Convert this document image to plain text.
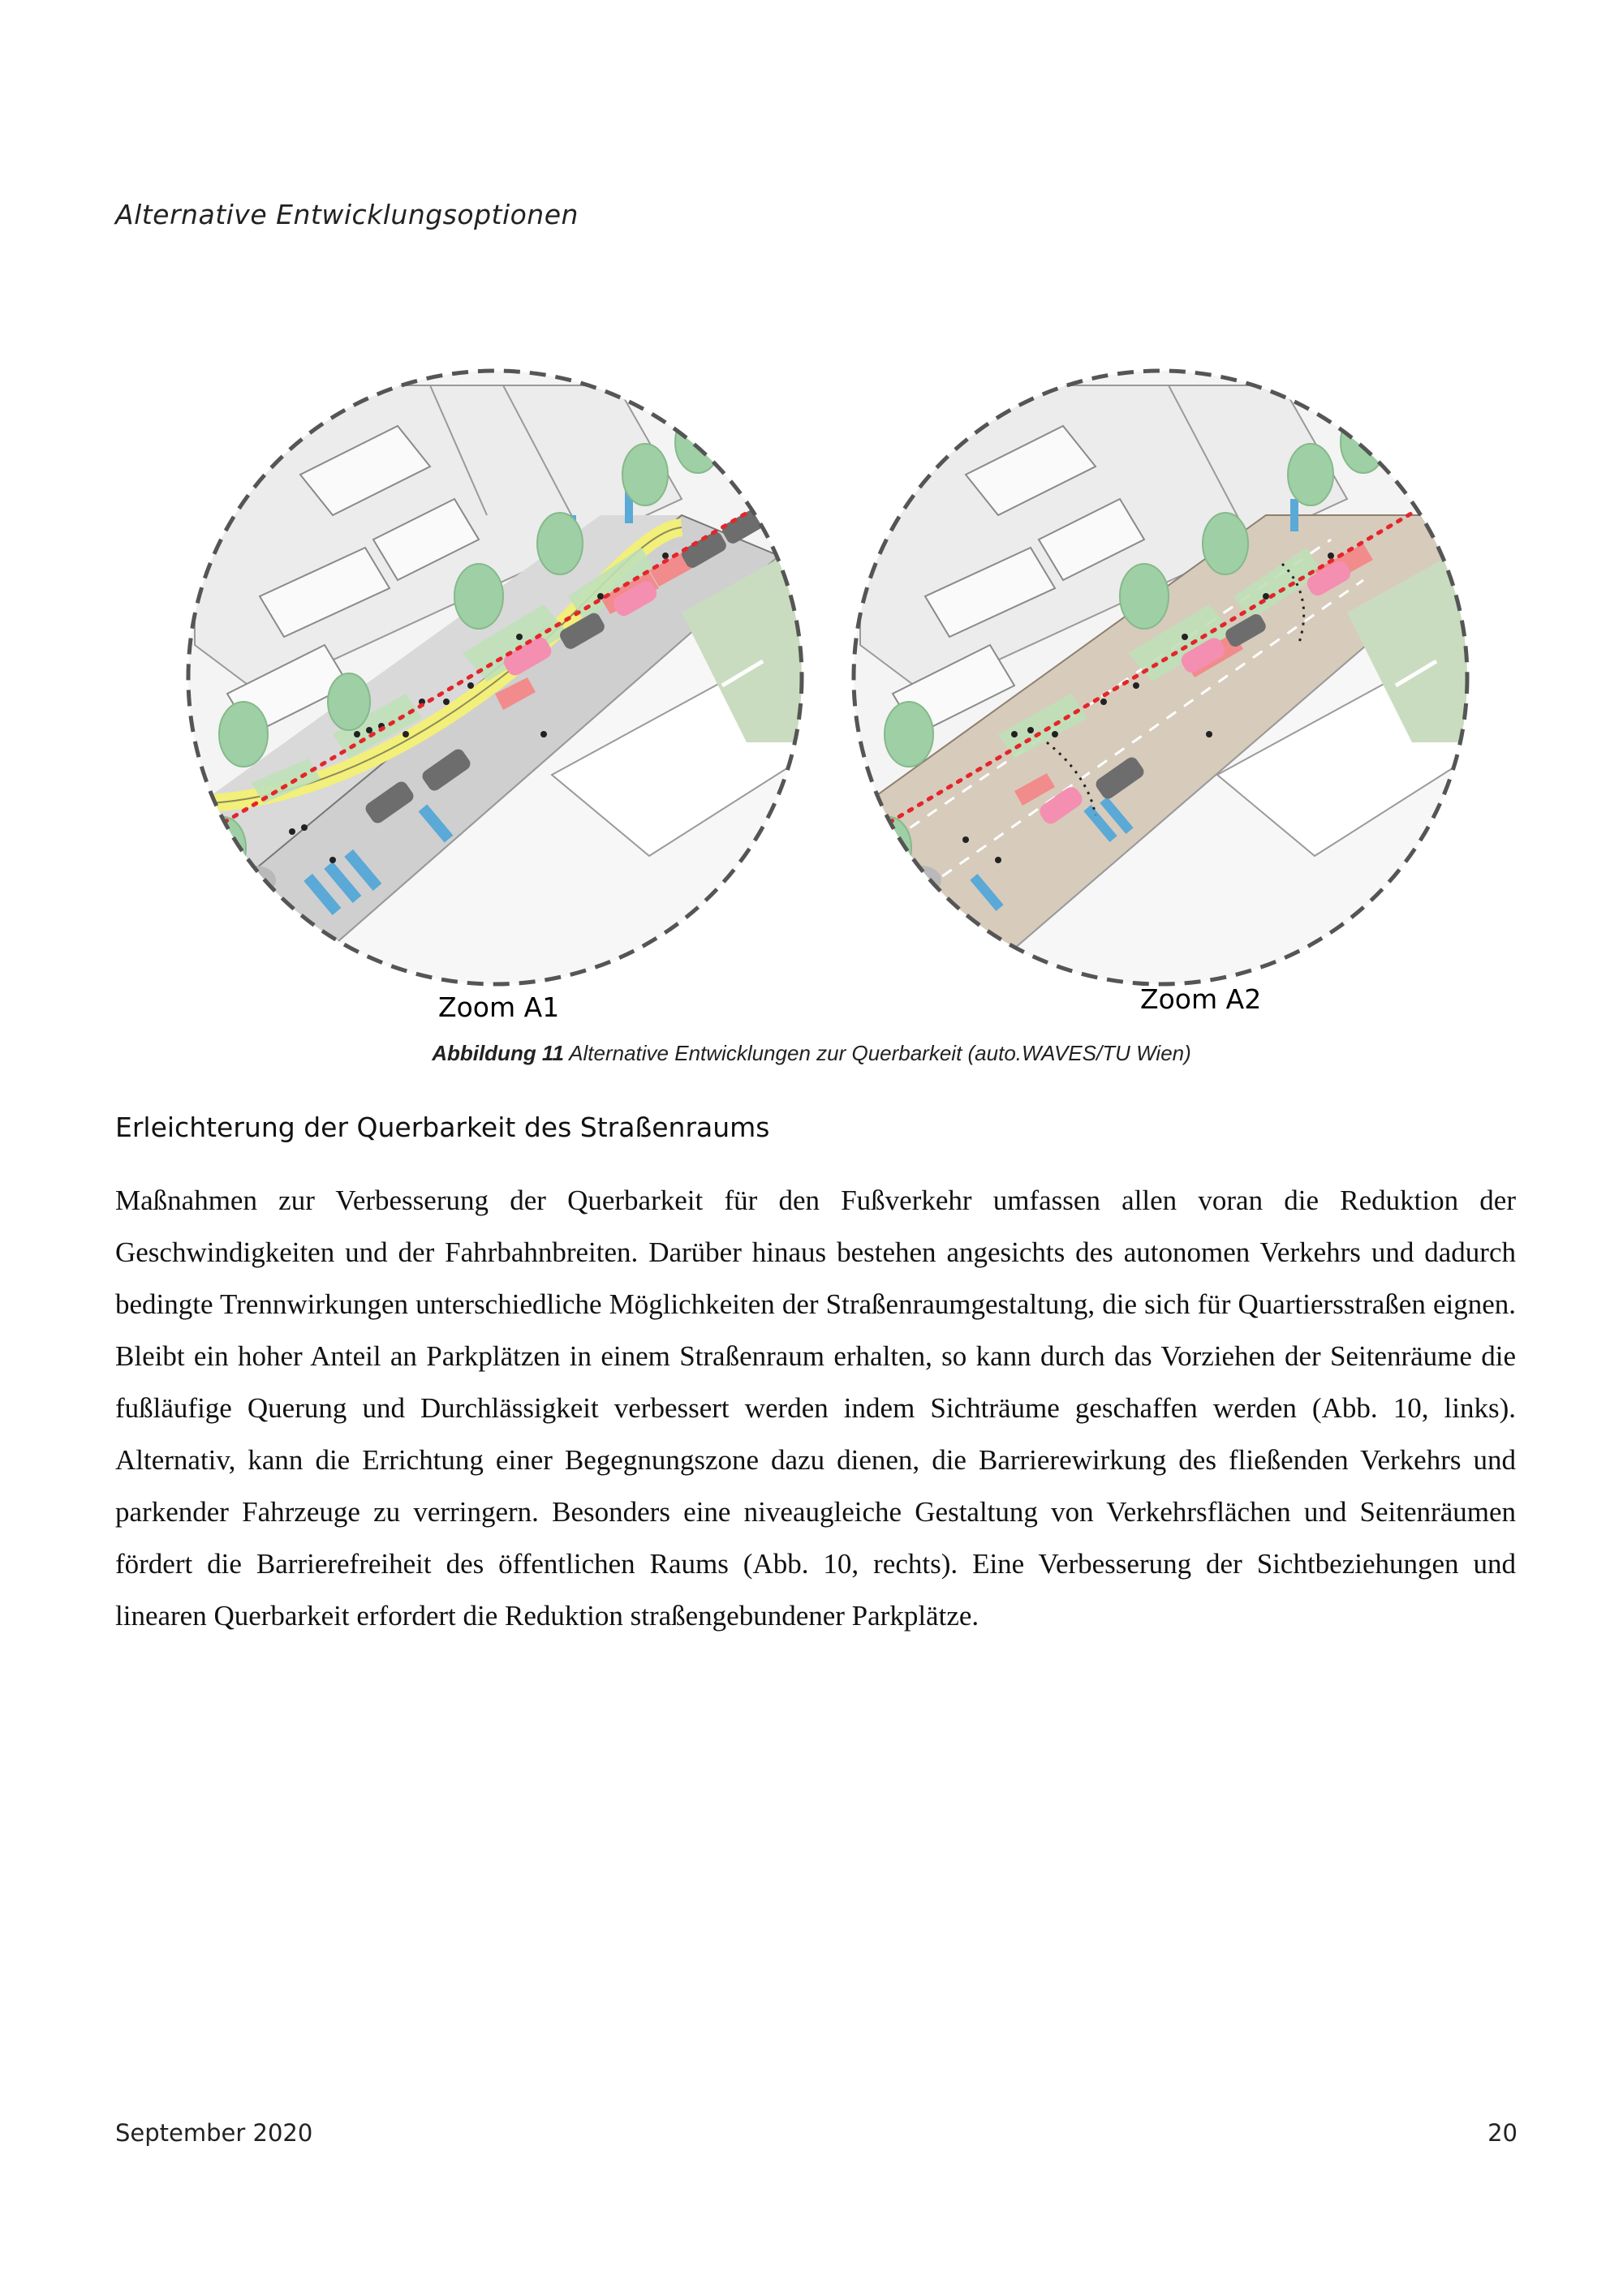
Alternative Entwicklungsoptionen
Zoom A1	Zoom A2
Abbildung 11 Alternative Entwicklungen zur Querbarkeit (auto.WAVES/TU Wien)
Erleichterung der Querbarkeit des Straßenraums
Maßnahmen zur Verbesserung der Querbarkeit für den Fußverkehr umfassen allen voran die Reduktion der Geschwindigkeiten und der Fahrbahnbreiten. Darüber hinaus bestehen angesichts des autonomen Verkehrs und dadurch bedingte Trennwirkungen unterschiedliche Möglichkeiten der Straßenraumgestaltung, die sich für Quartiersstraßen eignen. Bleibt ein hoher Anteil an Parkplätzen in einem Straßenraum erhalten, so kann durch das Vorziehen der Seitenräume die fußläufige Querung und Durchlässigkeit verbessert werden indem Sichträume geschaffen werden (Abb. 10, links). Alternativ, kann die Errichtung einer Begegnungszone dazu dienen, die Barrierewirkung des fließenden Verkehrs und parkender Fahrzeuge zu verringern. Besonders eine niveaugleiche Gestaltung von Verkehrsflächen und Seitenräumen fördert die Barrierefreiheit des öffentlichen Raums (Abb. 10, rechts). Eine Verbesserung der Sichtbeziehungen und linearen Querbarkeit erfordert die Reduktion straßengebundener Parkplätze.
September 2020	20
